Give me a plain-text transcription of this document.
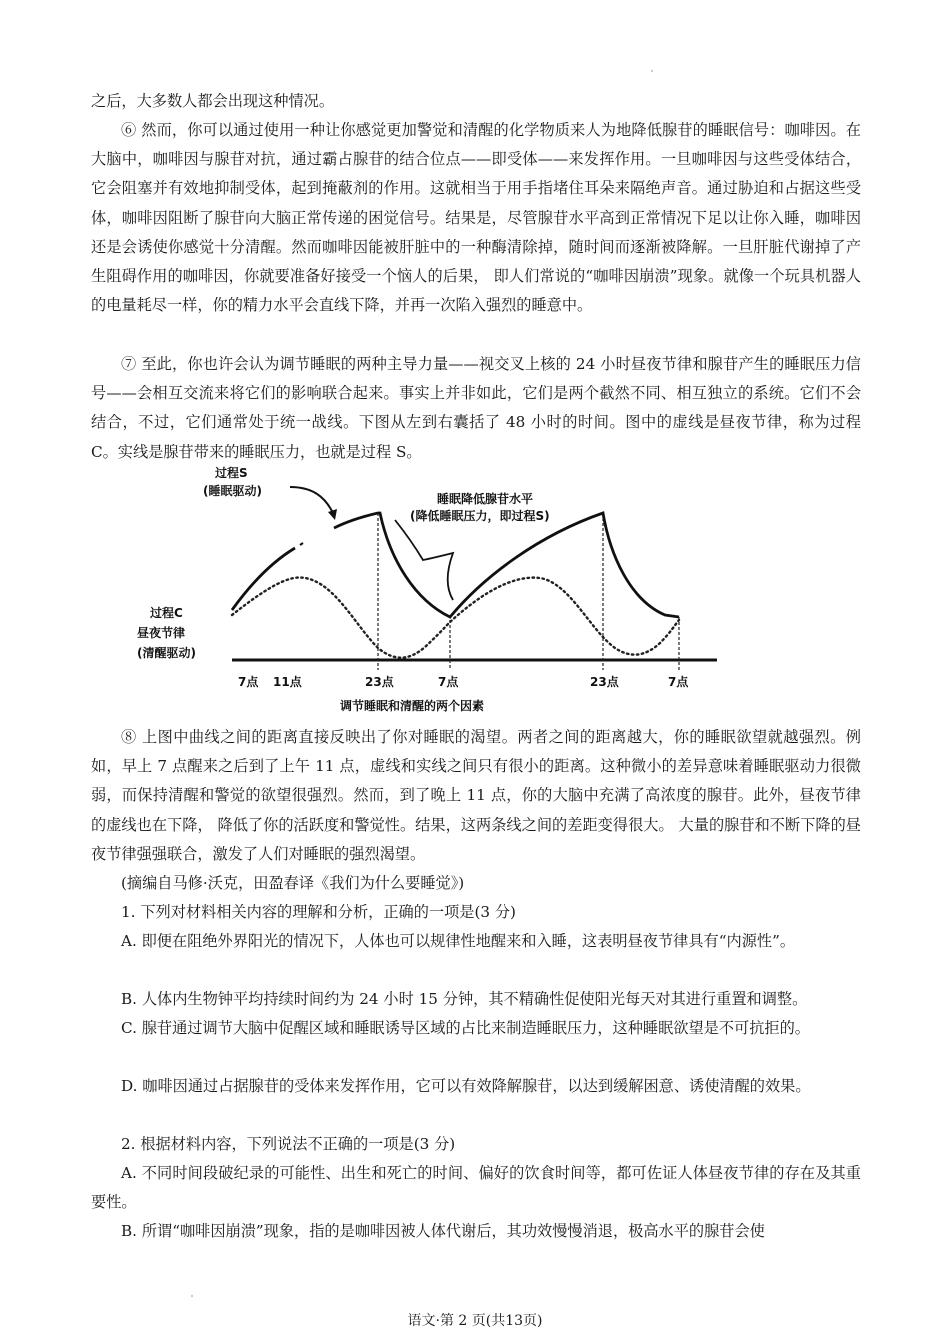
之后，大多数人都会出现这种情况。

⑥ 然而，你可以通过使用一种让你感觉更加警觉和清醒的化学物质来人为地降低腺苷的睡眠信号：咖啡因。在大脑中，咖啡因与腺苷对抗，通过霸占腺苷的结合位点——即受体——来发挥作用。一旦咖啡因与这些受体结合， 它会阻塞并有效地抑制受体，起到掩蔽剂的作用。这就相当于用手指堵住耳朵来隔绝声音。通过胁迫和占据这些受体，咖啡因阻断了腺苷向大脑正常传递的困觉信号。结果是，尽管腺苷水平高到正常情况下足以让你入睡，咖啡因还是会诱使你感觉十分清醒。然而咖啡因能被肝脏中的一种酶清除掉，随时间而逐渐被降解。一旦肝脏代谢掉了产生阻碍作用的咖啡因，你就要准备好接受一个恼人的后果， 即人们常说的“咖啡因崩溃”现象。就像一个玩具机器人的电量耗尽一样，你的精力水平会直线下降，并再一次陷入强烈的睡意中。

⑦ 至此，你也许会认为调节睡眠的两种主导力量——视交叉上核的 24 小时昼夜节律和腺苷产生的睡眠压力信号——会相互交流来将它们的影响联合起来。事实上并非如此，它们是两个截然不同、相互独立的系统。它们不会结合，不过，它们通常处于统一战线。下图从左到右囊括了 48 小时的时间。图中的虚线是昼夜节律，称为过程 C。实线是腺苷带来的睡眠压力，也就是过程 S。

过程S
(睡眠驱动)
睡眠降低腺苷水平
(降低睡眠压力，即过程S)
过程C
昼夜节律
(清醒驱动)
7点 11点	23点	7点	23点	7点
调节睡眠和清醒的两个因素

⑧ 上图中曲线之间的距离直接反映出了你对睡眠的渴望。两者之间的距离越大，你的睡眠欲望就越强烈。例如，早上 7 点醒来之后到了上午 11 点，虚线和实线之间只有很小的距离。这种微小的差异意味着睡眠驱动力很微弱，而保持清醒和警觉的欲望很强烈。然而，到了晚上 11 点，你的大脑中充满了高浓度的腺苷。此外，昼夜节律的虚线也在下降， 降低了你的活跃度和警觉性。结果，这两条线之间的差距变得很大。 大量的腺苷和不断下降的昼夜节律强强联合，激发了人们对睡眠的强烈渴望。

(摘编自马修·沃克，田盈春译《我们为什么要睡觉》)

1. 下列对材料相关内容的理解和分析，正确的一项是(3 分)

A. 即便在阻绝外界阳光的情况下，人体也可以规律性地醒来和入睡，这表明昼夜节律具有“内源性”。

B. 人体内生物钟平均持续时间约为 24 小时 15 分钟，其不精确性促使阳光每天对其进行重置和调整。

C. 腺苷通过调节大脑中促醒区域和睡眠诱导区域的占比来制造睡眠压力，这种睡眠欲望是不可抗拒的。

D. 咖啡因通过占据腺苷的受体来发挥作用，它可以有效降解腺苷，以达到缓解困意、诱使清醒的效果。

2. 根据材料内容，下列说法不正确的一项是(3 分)

A. 不同时间段破纪录的可能性、出生和死亡的时间、偏好的饮食时间等，都可佐证人体昼夜节律的存在及其重要性。

B. 所谓“咖啡因崩溃”现象，指的是咖啡因被人体代谢后，其功效慢慢消退，极高水平的腺苷会使

语文·第 2 页(共13页)
